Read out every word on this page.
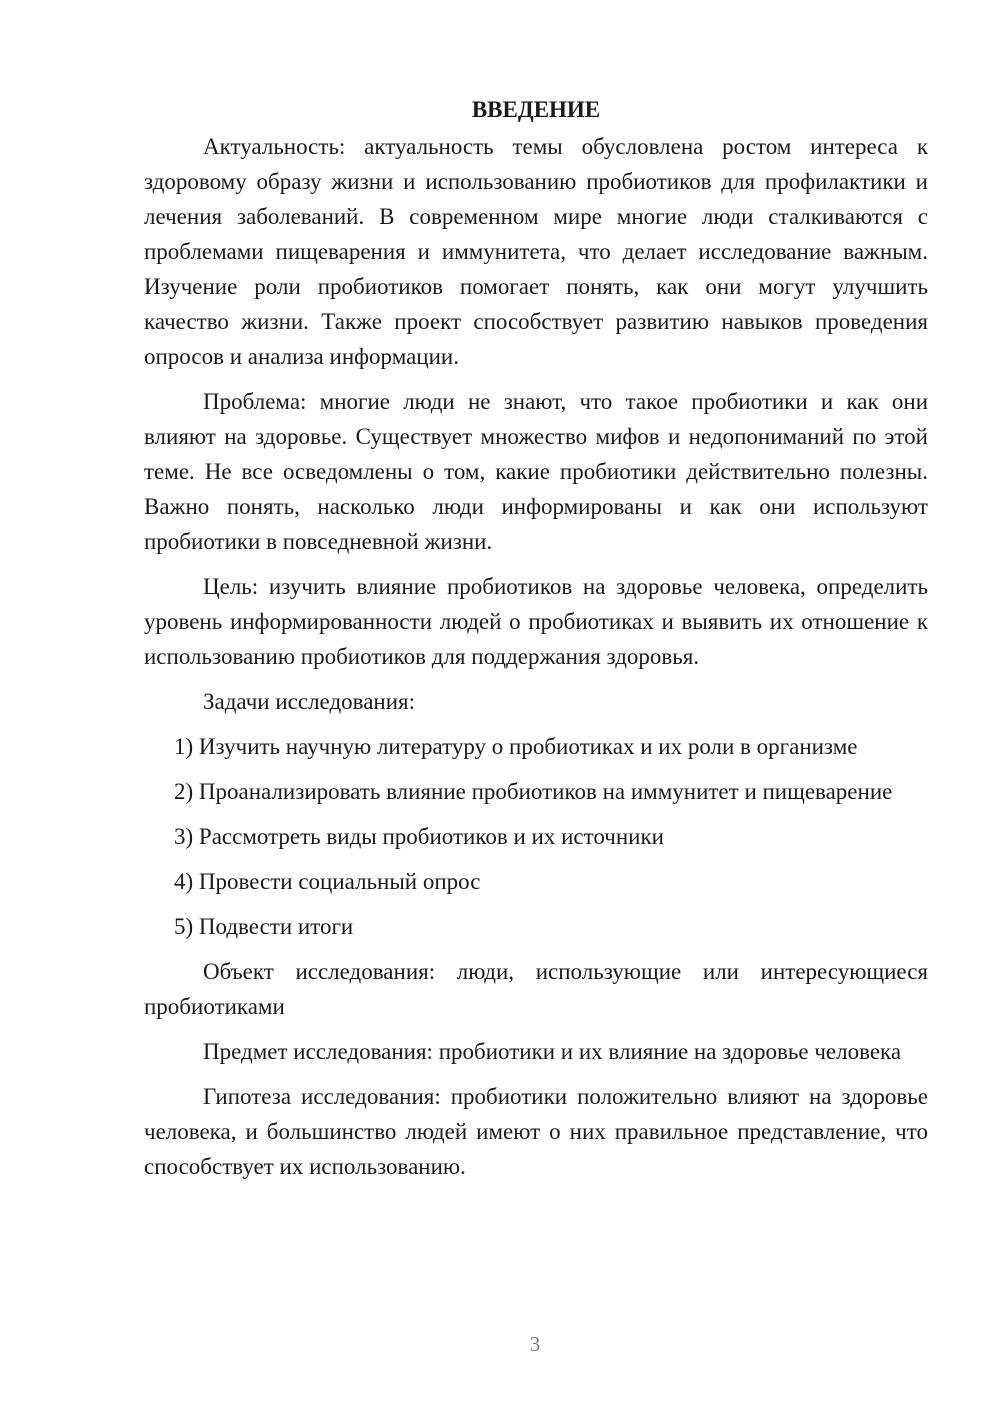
ВВЕДЕНИЕ

Актуальность: актуальность темы обусловлена ростом интереса к здоровому образу жизни и использованию пробиотиков для профилактики и лечения заболеваний. В современном мире многие люди сталкиваются с проблемами пищеварения и иммунитета, что делает исследование важным. Изучение роли пробиотиков помогает понять, как они могут улучшить качество жизни. Также проект способствует развитию навыков проведения опросов и анализа информации.

Проблема: многие люди не знают, что такое пробиотики и как они влияют на здоровье. Существует множество мифов и недопониманий по этой теме. Не все осведомлены о том, какие пробиотики действительно полезны. Важно понять, насколько люди информированы и как они используют пробиотики в повседневной жизни.

Цель: изучить влияние пробиотиков на здоровье человека, определить уровень информированности людей о пробиотиках и выявить их отношение к использованию пробиотиков для поддержания здоровья.

Задачи исследования:

1) Изучить научную литературу о пробиотиках и их роли в организме

2) Проанализировать влияние пробиотиков на иммунитет и пищеварение

3) Рассмотреть виды пробиотиков и их источники

4) Провести социальный опрос

5) Подвести итоги

Объект исследования: люди, использующие или интересующиеся пробиотиками

Предмет исследования: пробиотики и их влияние на здоровье человека

Гипотеза исследования: пробиотики положительно влияют на здоровье человека, и большинство людей имеют о них правильное представление, что способствует их использованию.

3
